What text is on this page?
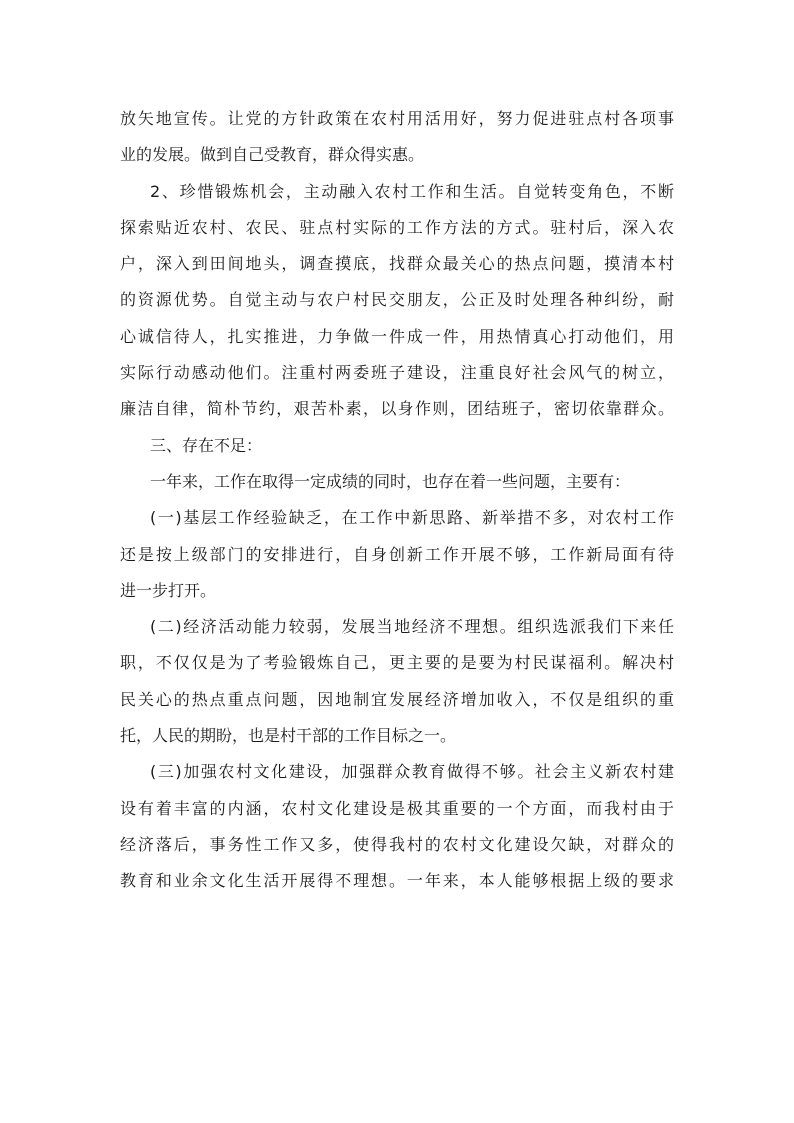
放矢地宣传。让党的方针政策在农村用活用好，努力促进驻点村各项事
业的发展。做到自己受教育，群众得实惠。
2、珍惜锻炼机会，主动融入农村工作和生活。自觉转变角色，不断
探索贴近农村、农民、驻点村实际的工作方法的方式。驻村后，深入农
户，深入到田间地头，调查摸底，找群众最关心的热点问题，摸清本村
的资源优势。自觉主动与农户村民交朋友，公正及时处理各种纠纷，耐
心诚信待人，扎实推进，力争做一件成一件，用热情真心打动他们，用
实际行动感动他们。注重村两委班子建设，注重良好社会风气的树立，
廉洁自律，简朴节约，艰苦朴素，以身作则，团结班子，密切依靠群众。
三、存在不足：
一年来，工作在取得一定成绩的同时，也存在着一些问题，主要有：
(一)基层工作经验缺乏，在工作中新思路、新举措不多，对农村工作
还是按上级部门的安排进行，自身创新工作开展不够，工作新局面有待
进一步打开。
(二)经济活动能力较弱，发展当地经济不理想。组织选派我们下来任
职，不仅仅是为了考验锻炼自己，更主要的是要为村民谋福利。解决村
民关心的热点重点问题，因地制宜发展经济增加收入，不仅是组织的重
托，人民的期盼，也是村干部的工作目标之一。
(三)加强农村文化建设，加强群众教育做得不够。社会主义新农村建
设有着丰富的内涵，农村文化建设是极其重要的一个方面，而我村由于
经济落后，事务性工作又多，使得我村的农村文化建设欠缺，对群众的
教育和业余文化生活开展得不理想。一年来，本人能够根据上级的要求
